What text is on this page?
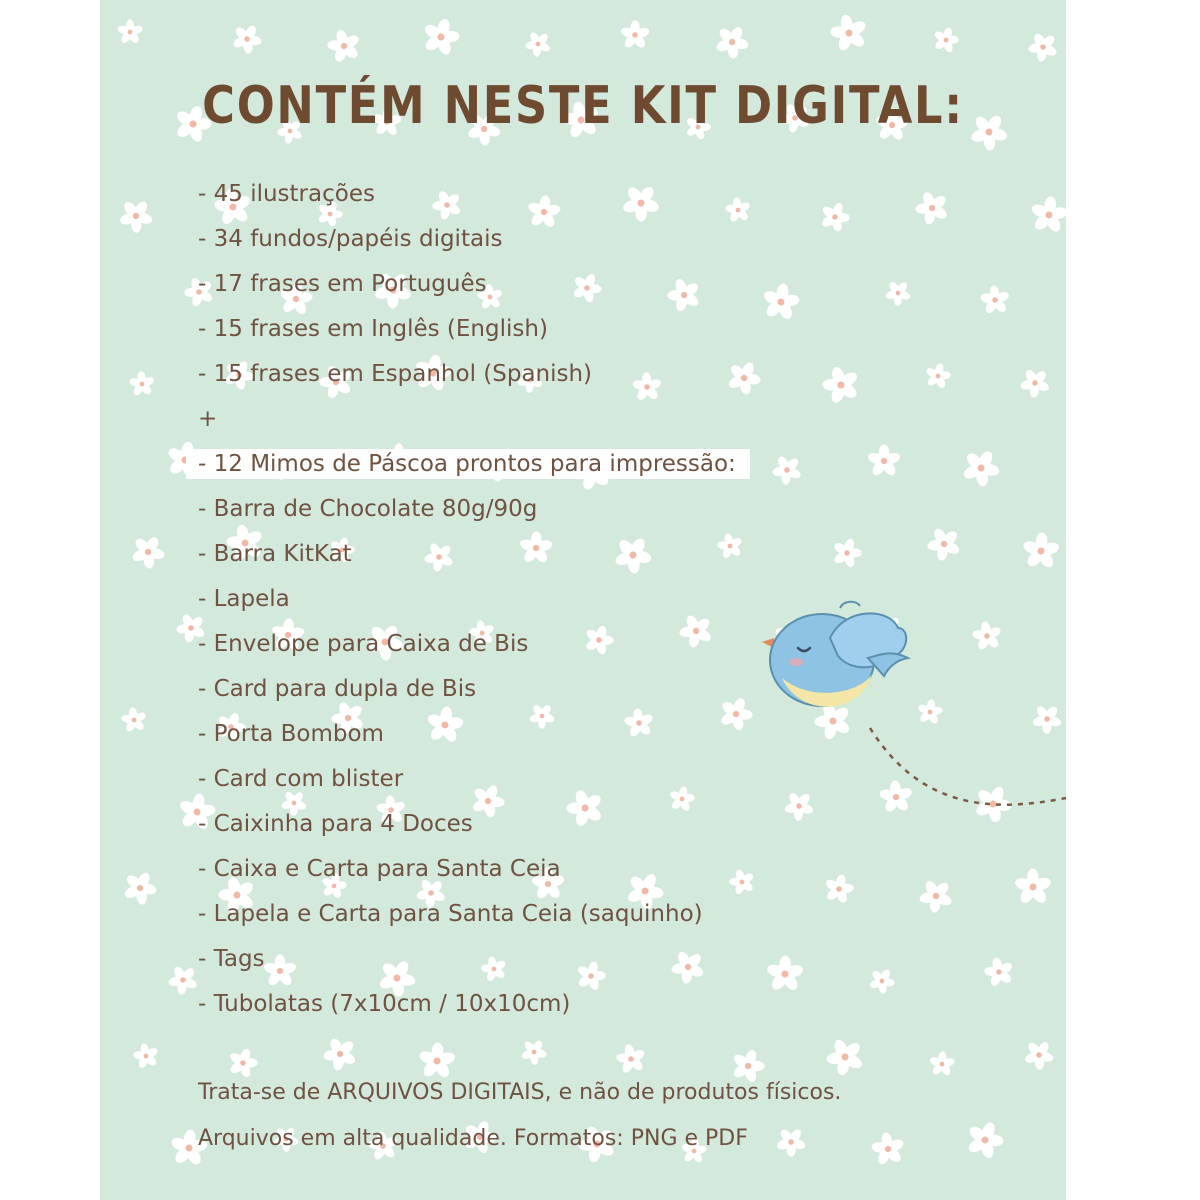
CONTÉM NESTE KIT DIGITAL:
- 45 ilustrações
- 34 fundos/papéis digitais
- 17 frases em Português
- 15 frases em Inglês (English)
- 15 frases em Espanhol (Spanish)
+
- 12 Mimos de Páscoa prontos para impressão:
- Barra de Chocolate 80g/90g
- Barra KitKat
- Lapela
- Envelope para Caixa de Bis
- Card para dupla de Bis
- Porta Bombom
- Card com blister
- Caixinha para 4 Doces
- Caixa e Carta para Santa Ceia
- Lapela e Carta para Santa Ceia (saquinho)
- Tags
- Tubolatas (7x10cm / 10x10cm)
Trata-se de ARQUIVOS DIGITAIS, e não de produtos físicos.
Arquivos em alta qualidade. Formatos: PNG e PDF
